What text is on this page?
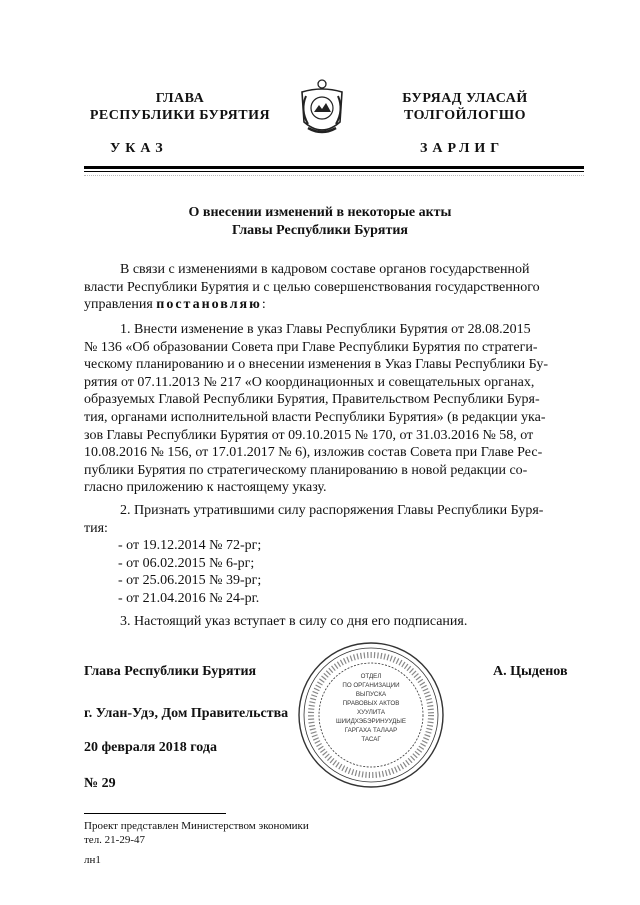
ГЛАВА
РЕСПУБЛИКИ БУРЯТИЯ
БУРЯАД УЛАСАЙ
ТОЛГОЙЛОГШО
УКАЗ	ЗАРЛИГ
О внесении изменений в некоторые акты
Главы Республики Бурятия
В связи с изменениями в кадровом составе органов государственной
власти Республики Бурятия и с целью совершенствования государственного
управления постановляю:
1. Внести изменение в указ Главы Республики Бурятия от 28.08.2015
№ 136 «Об образовании Совета при Главе Республики Бурятия по стратеги-
ческому планированию и о внесении изменения в Указ Главы Республики Бу-
рятия от 07.11.2013 № 217 «О координационных и совещательных органах,
образуемых Главой Республики Бурятия, Правительством Республики Буря-
тия, органами исполнительной власти Республики Бурятия» (в редакции ука-
зов Главы Республики Бурятия от 09.10.2015 № 170, от 31.03.2016 № 58, от
10.08.2016 № 156, от 17.01.2017 № 6), изложив состав Совета при Главе Рес-
публики Бурятия по стратегическому планированию в новой редакции со-
гласно приложению к настоящему указу.
2. Признать утратившими силу распоряжения Главы Республики Буря-
тия:
- от 19.12.2014 № 72-рг;
- от 06.02.2015 № 6-рг;
- от 25.06.2015 № 39-рг;
- от 21.04.2016 № 24-рг.
3. Настоящий указ вступает в силу со дня его подписания.
ОТДЕЛ
ПО ОРГАНИЗАЦИИ
ВЫПУСКА
ПРАВОВЫХ АКТОВ
ХУУЛИТА
ШИИДХЭБЭРИНУУДЫЕ
ГАРГАХА ТАЛААР
ТАСАГ
Глава Республики Бурятия	А. Цыденов
г. Улан-Удэ, Дом Правительства
20 февраля 2018 года
№ 29
Проект представлен Министерством экономики
тел. 21-29-47
лн1
